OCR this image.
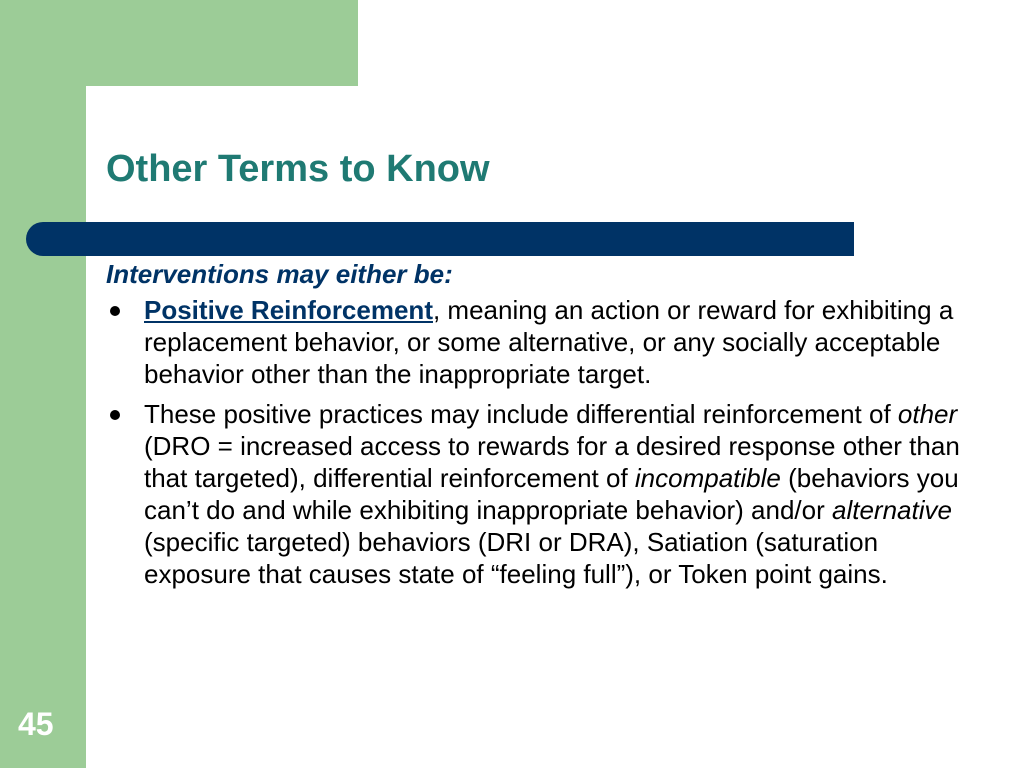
Other Terms to Know

Interventions may either be:

Positive Reinforcement, meaning an action or reward for exhibiting a replacement behavior, or some alternative, or any socially acceptable behavior other than the inappropriate target.
These positive practices may include differential reinforcement of other (DRO = increased access to rewards for a desired response other than that targeted), differential reinforcement of incompatible (behaviors you can’t do and while exhibiting inappropriate behavior) and/or alternative (specific targeted) behaviors (DRI or DRA), Satiation (saturation exposure that causes state of “feeling full”), or Token point gains.
45
